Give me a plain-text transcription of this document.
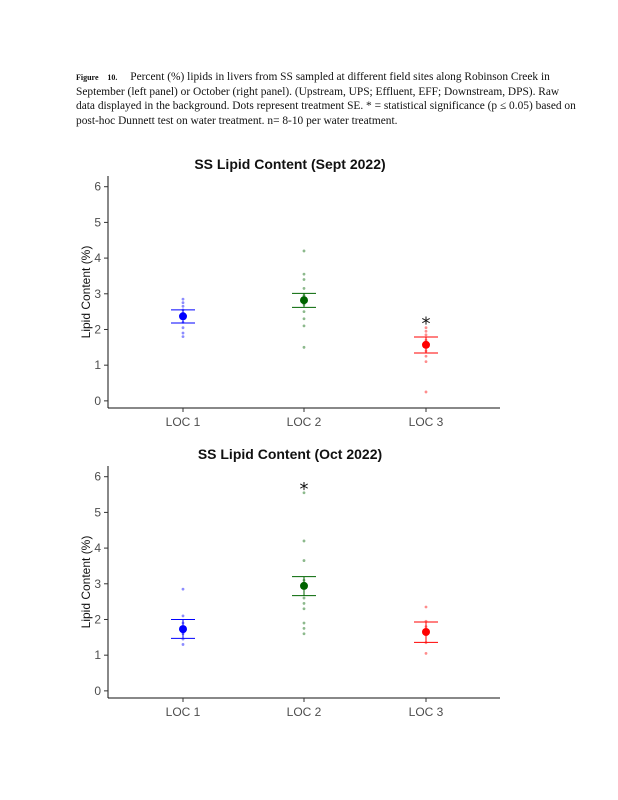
Figure 10. Percent (%) lipids in livers from SS sampled at different field sites along Robinson Creek in September (left panel) or October (right panel). (Upstream, UPS; Effluent, EFF; Downstream, DPS). Raw data displayed in the background. Dots represent treatment SE. * = statistical significance (p ≤ 0.05) based on post-hoc Dunnett test on water treatment. n= 8-10 per water treatment.
SS Lipid Content (Sept 2022)
0
1
2
3
4
5
6
Lipid Content (%)
LOC 1	LOC 2	LOC 3
*
SS Lipid Content (Oct 2022)
0
1
2
3
4
5
6
Lipid Content (%)
LOC 1	LOC 2
*
LOC 3
